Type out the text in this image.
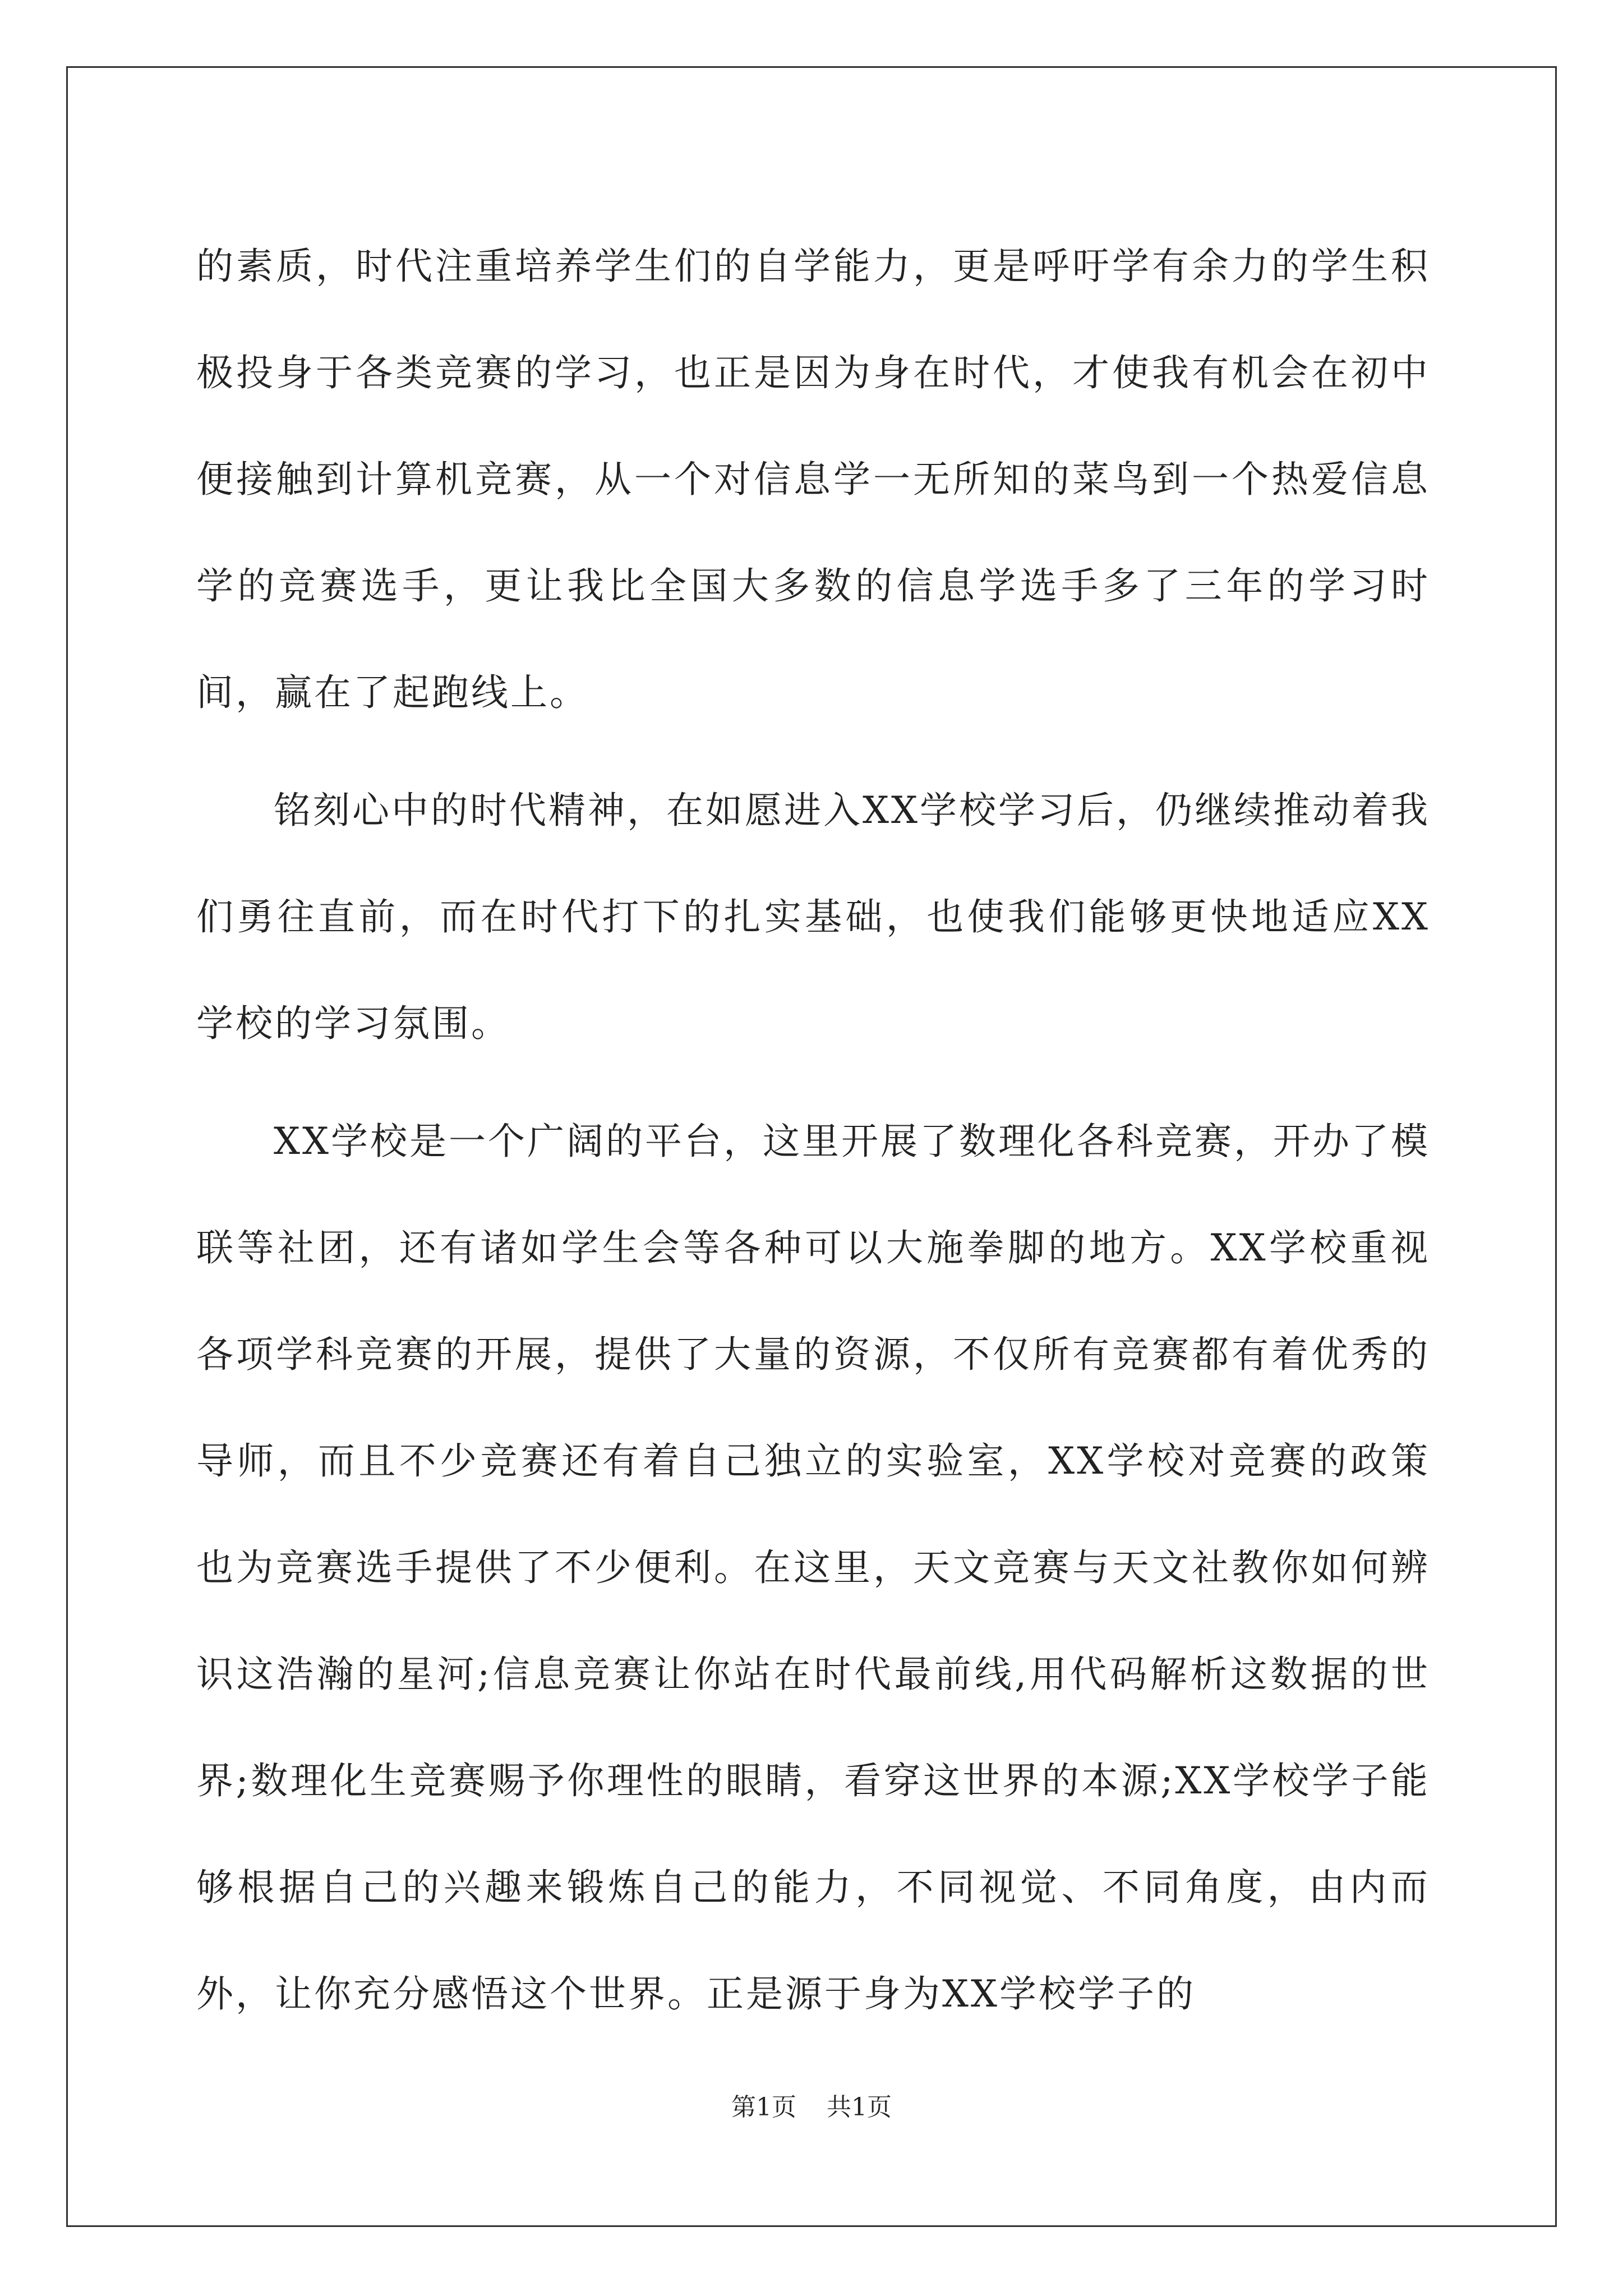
的素质，时代注重培养学生们的自学能力，更是呼吁学有余力的学生积极投身于各类竞赛的学习，也正是因为身在时代，才使我有机会在初中便接触到计算机竞赛，从一个对信息学一无所知的菜鸟到一个热爱信息学的竞赛选手，更让我比全国大多数的信息学选手多了三年的学习时间，赢在了起跑线上。

铭刻心中的时代精神，在如愿进入XX学校学习后，仍继续推动着我们勇往直前，而在时代打下的扎实基础，也使我们能够更快地适应XX学校的学习氛围。

XX学校是一个广阔的平台，这里开展了数理化各科竞赛，开办了模联等社团，还有诸如学生会等各种可以大施拳脚的地方。XX学校重视各项学科竞赛的开展，提供了大量的资源，不仅所有竞赛都有着优秀的导师，而且不少竞赛还有着自己独立的实验室，XX学校对竞赛的政策也为竞赛选手提供了不少便利。在这里，天文竞赛与天文社教你如何辨识这浩瀚的星河;信息竞赛让你站在时代最前线,用代码解析这数据的世界;数理化生竞赛赐予你理性的眼睛，看穿这世界的本源;XX学校学子能够根据自己的兴趣来锻炼自己的能力，不同视觉、不同角度，由内而外，让你充分感悟这个世界。正是源于身为XX学校学子的

第1页 共1页
